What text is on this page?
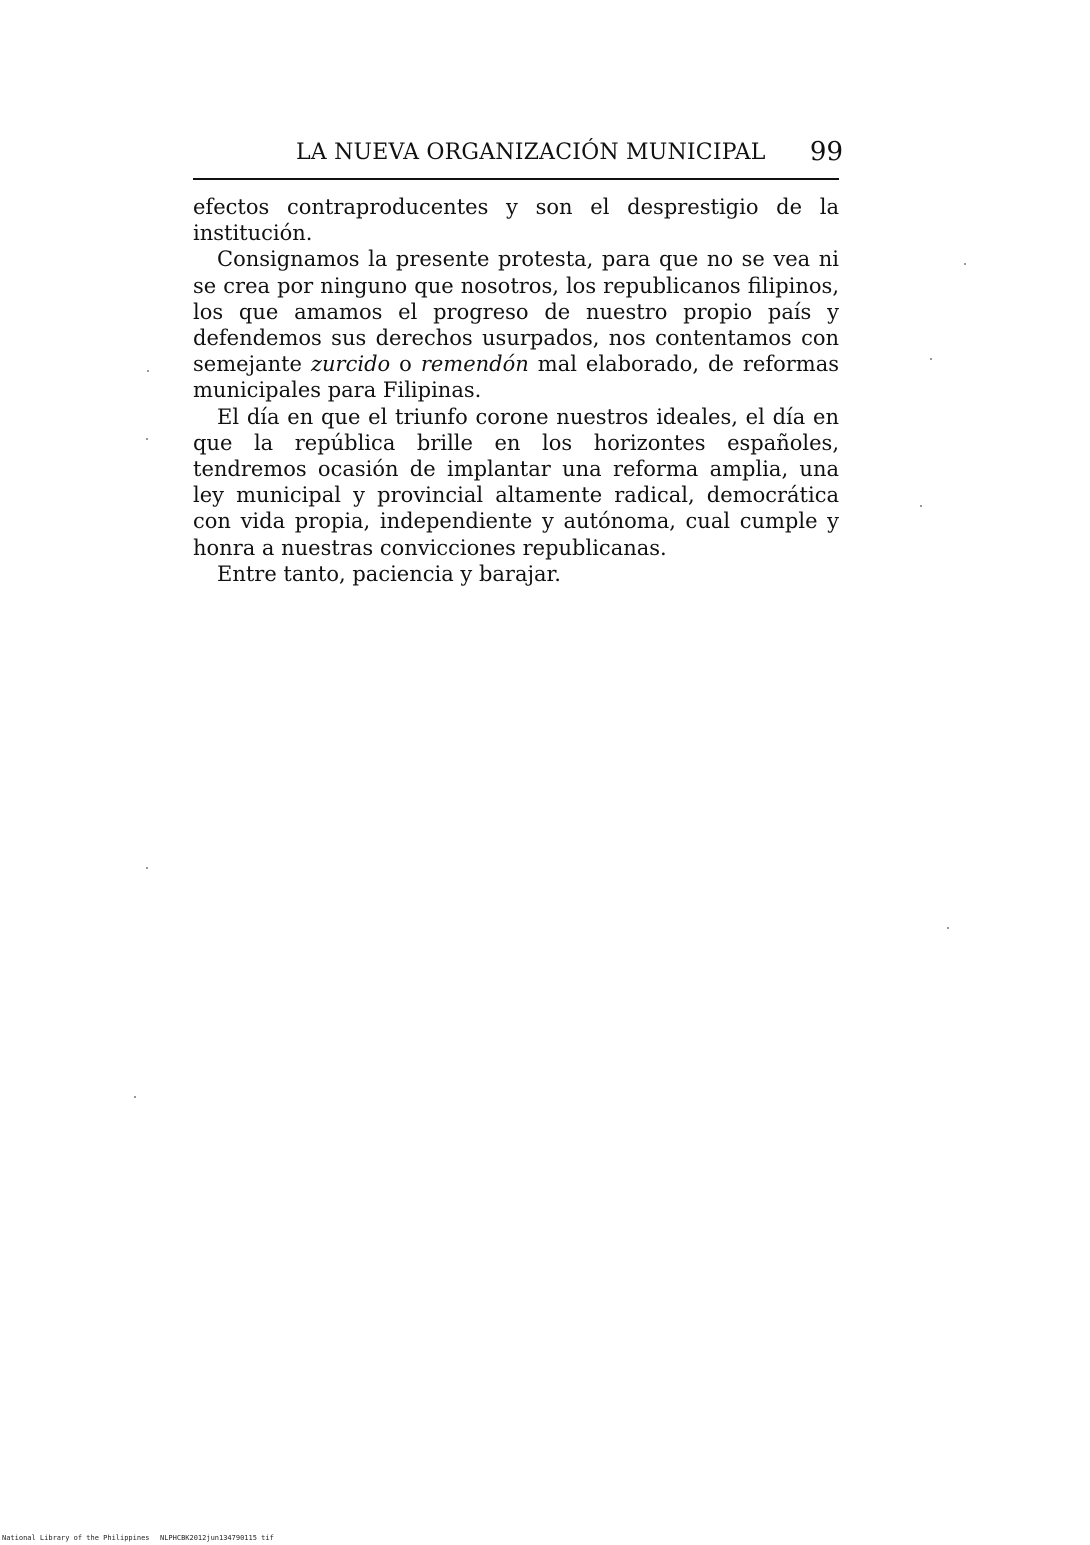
LA NUEVA ORGANIZACIÓN MUNICIPAL 99

efectos contraproducentes y son el desprestigio de la institución.

Consignamos la presente protesta, para que no se vea ni se crea por ninguno que nosotros, los republicanos filipinos, los que amamos el progreso de nuestro propio país y defendemos sus derechos usurpados, nos contentamos con semejante zurcido o remendón mal elaborado, de reformas municipales para Filipinas.

El día en que el triunfo corone nuestros ideales, el día en que la república brille en los horizontes españoles, tendremos ocasión de implantar una reforma amplia, una ley municipal y provincial altamente radical, democrática con vida propia, independiente y autónoma, cual cumple y honra a nuestras convicciones republicanas.

Entre tanto, paciencia y barajar.

National Library of the Philippines NLPHCBK2012jun134790115 tif
